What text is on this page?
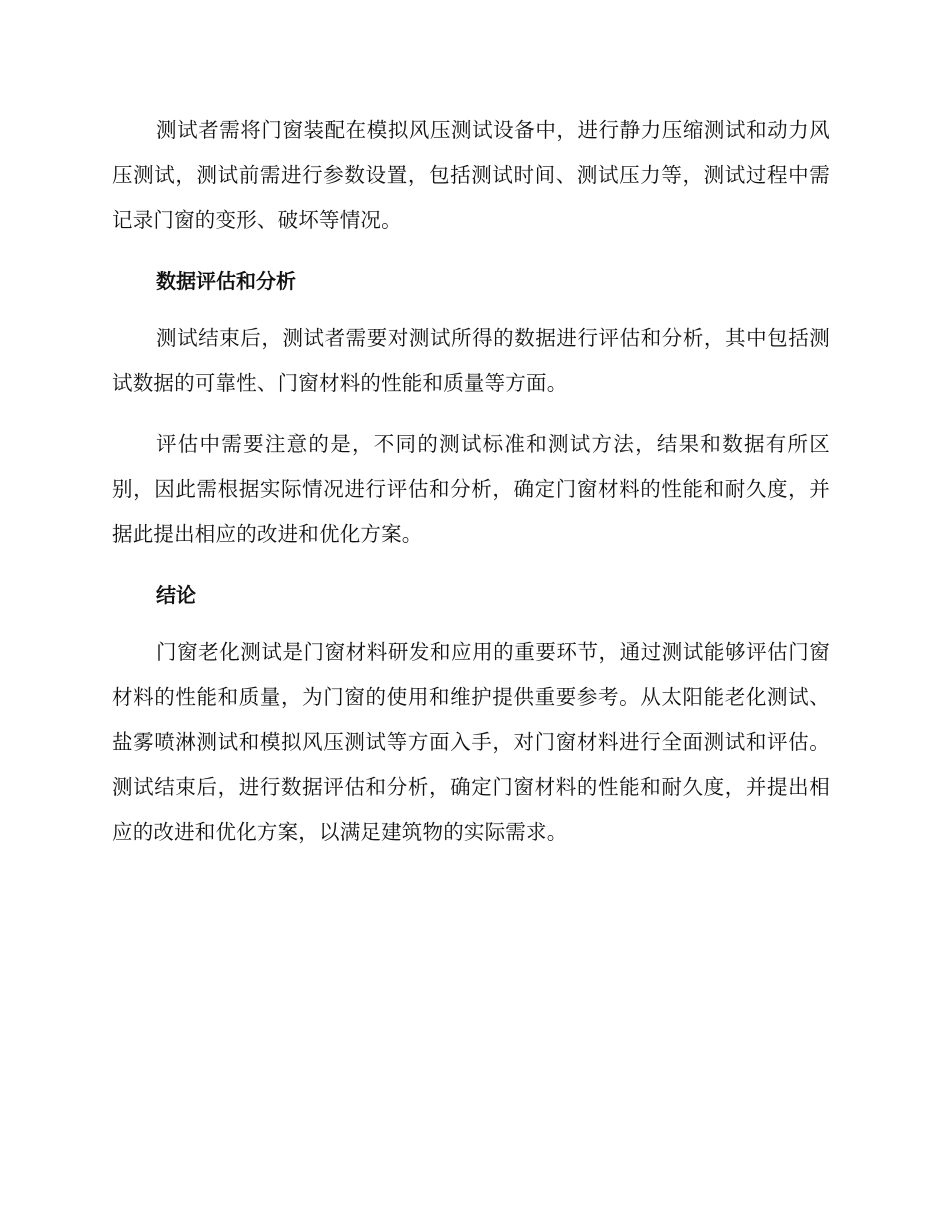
测试者需将门窗装配在模拟风压测试设备中，进行静力压缩测试和动力风压测试，测试前需进行参数设置，包括测试时间、测试压力等，测试过程中需记录门窗的变形、破坏等情况。

数据评估和分析

测试结束后，测试者需要对测试所得的数据进行评估和分析，其中包括测试数据的可靠性、门窗材料的性能和质量等方面。

评估中需要注意的是，不同的测试标准和测试方法，结果和数据有所区别，因此需根据实际情况进行评估和分析，确定门窗材料的性能和耐久度，并据此提出相应的改进和优化方案。

结论

门窗老化测试是门窗材料研发和应用的重要环节，通过测试能够评估门窗材料的性能和质量，为门窗的使用和维护提供重要参考。从太阳能老化测试、盐雾喷淋测试和模拟风压测试等方面入手，对门窗材料进行全面测试和评估。测试结束后，进行数据评估和分析，确定门窗材料的性能和耐久度，并提出相应的改进和优化方案，以满足建筑物的实际需求。
